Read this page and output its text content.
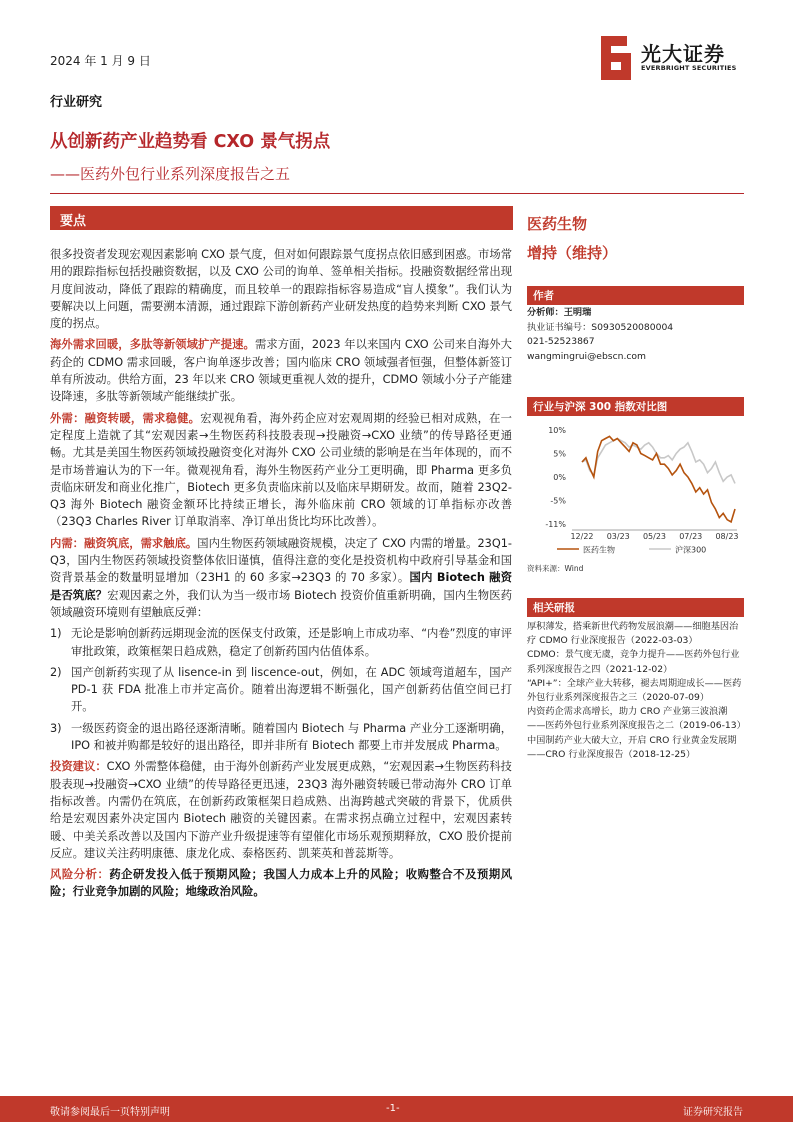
2024 年 1 月 9 日	光大证券
EVERBRIGHT SECURITIES
行业研究
从创新药产业趋势看 CXO 景气拐点
——医药外包行业系列深度报告之五
要点

很多投资者发现宏观因素影响 CXO 景气度，但对如何跟踪景气度拐点依旧感到困惑。市场常用的跟踪指标包括投融资数据，以及 CXO 公司的询单、签单相关指标。投融资数据经常出现月度间波动，降低了跟踪的精确度，而且较单一的跟踪指标容易造成“盲人摸象”。我们认为要解决以上问题，需要溯本清源，通过跟踪下游创新药产业研发热度的趋势来判断 CXO 景气度的拐点。

海外需求回暖，多肽等新领域扩产提速。需求方面，2023 年以来国内 CXO 公司来自海外大药企的 CDMO 需求回暖，客户询单逐步改善；国内临床 CRO 领域强者恒强，但整体新签订单有所波动。供给方面，23 年以来 CRO 领域更重视人效的提升，CDMO 领域小分子产能建设降速，多肽等新领域产能继续扩张。

外需：融资转暖，需求稳健。宏观视角看，海外药企应对宏观周期的经验已相对成熟，在一定程度上造就了其“宏观因素→生物医药科技股表现→投融资→CXO 业绩”的传导路径更通畅。尤其是美国生物医药领域投融资变化对海外 CXO 公司业绩的影响是在当年体现的，而不是市场普遍认为的下一年。微观视角看，海外生物医药产业分工更明确，即 Pharma 更多负责临床研发和商业化推广，Biotech 更多负责临床前以及临床早期研发。故而，随着 23Q2-Q3 海外 Biotech 融资金额环比持续正增长，海外临床前 CRO 领域的订单指标亦改善（23Q3 Charles River 订单取消率、净订单出货比均环比改善）。

内需：融资筑底，需求触底。国内生物医药领域融资规模，决定了 CXO 内需的增量。23Q1-Q3，国内生物医药领域投资整体依旧谨慎，值得注意的变化是投资机构中政府引导基金和国资背景基金的数量明显增加（23H1 的 60 多家→23Q3 的 70 多家）。国内 Biotech 融资是否筑底？宏观因素之外，我们认为当一级市场 Biotech 投资价值重新明确，国内生物医药领域融资环境则有望触底反弹：

1) 无论是影响创新药远期现金流的医保支付政策，还是影响上市成功率、“内卷”烈度的审评审批政策，政策框架日趋成熟，稳定了创新药国内估值体系。

2) 国产创新药实现了从 lisence-in 到 liscence-out，例如，在 ADC 领域弯道超车，国产 PD-1 获 FDA 批准上市并定高价。随着出海逻辑不断强化，国产创新药估值空间已打开。

3) 一级医药资金的退出路径逐渐清晰。随着国内 Biotech 与 Pharma 产业分工逐渐明确，IPO 和被并购都是较好的退出路径，即并非所有 Biotech 都要上市并发展成 Pharma。

投资建议：CXO 外需整体稳健，由于海外创新药产业发展更成熟，“宏观因素→生物医药科技股表现→投融资→CXO 业绩”的传导路径更迅速，23Q3 海外融资转暖已带动海外 CRO 订单指标改善。内需仍在筑底，在创新药政策框架日趋成熟、出海跨越式突破的背景下，优质供给是宏观因素外决定国内 Biotech 融资的关键因素。在需求拐点确立过程中，宏观因素转暖、中美关系改善以及国内下游产业升级提速等有望催化市场乐观预期释放，CXO 股价提前反应。建议关注药明康德、康龙化成、泰格医药、凯莱英和普蕊斯等。

风险分析：药企研发投入低于预期风险；我国人力成本上升的风险；收购整合不及预期风险；行业竞争加剧的风险；地缘政治风险。

医药生物
增持（维持）
作者
分析师：王明瑞
执业证书编号：S0930520080004
021-52523867
wangmingrui@ebscn.com
行业与沪深 300 指数对比图
10%
5%
0%
-5%
-11%
12/22 03/23 05/23 07/23 08/23
医药生物	沪深300
资料来源：Wind
相关研报

厚积薄发，搭乘新世代药物发展浪潮——细胞基因治疗 CDMO 行业深度报告（2022-03-03）

CDMO：景气度无虞，竞争力提升——医药外包行业系列深度报告之四（2021-12-02）

“API+”：全球产业大转移，褪去周期迎成长——医药外包行业系列深度报告之三（2020-07-09）

内资药企需求高增长，助力 CRO 产业第三波浪潮——医药外包行业系列深度报告之二（2019-06-13）

中国制药产业大破大立，开启 CRO 行业黄金发展期——CRO 行业深度报告（2018-12-25）

敬请参阅最后一页特别声明	-1-	证券研究报告
